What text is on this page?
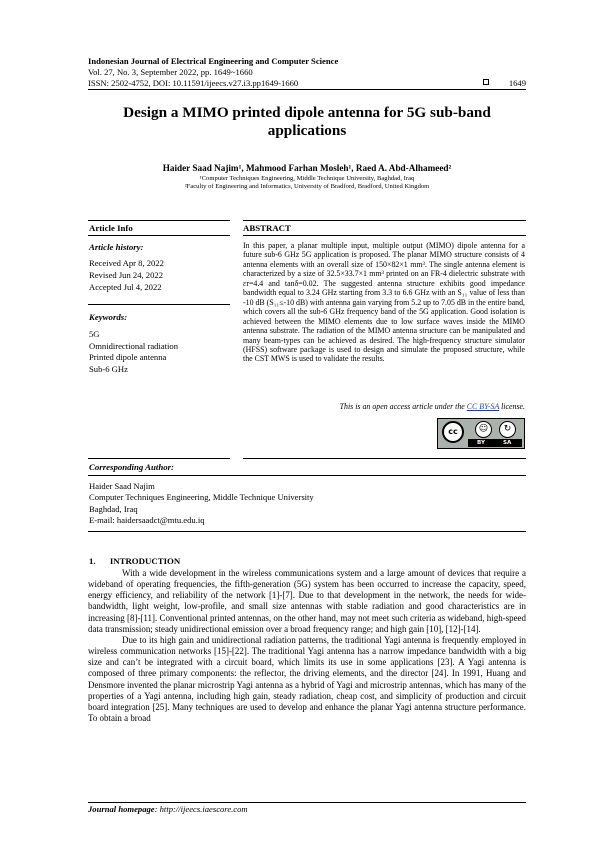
Indonesian Journal of Electrical Engineering and Computer Science
Vol. 27, No. 3, September 2022, pp. 1649~1660
ISSN: 2502-4752, DOI: 10.11591/ijeecs.v27.i3.pp1649-1660	1649
Design a MIMO printed dipole antenna for 5G sub-band
applications
Haider Saad Najim¹, Mahmood Farhan Mosleh¹, Raed A. Abd-Alhameed²
¹Computer Techniques Engineering, Middle Technique University, Baghdad, Iraq
²Faculty of Engineering and Informatics, University of Bradford, Bradford, United Kingdom
Article Info	ABSTRACT
Article history:
Received Apr 8, 2022
Revised Jun 24, 2022
Accepted Jul 4, 2022
Keywords:
5G
Omnidirectional radiation
Printed dipole antenna
Sub-6 GHz
In this paper, a planar multiple input, multiple output (MIMO) dipole antenna for a future sub-6 GHz 5G application is proposed. The planar MIMO structure consists of 4 antenna elements with an overall size of 150×82×1 mm³. The single antenna element is characterized by a size of 32.5×33.7×1 mm³ printed on an FR-4 dielectric substrate with εr=4.4 and tanδ=0.02. The suggested antenna structure exhibits good impedance bandwidth equal to 3.24 GHz starting from 3.3 to 6.6 GHz with an S₁₁ value of less than -10 dB (S₁₁≤-10 dB) with antenna gain varying from 5.2 up to 7.05 dB in the entire band, which covers all the sub-6 GHz frequency band of the 5G application. Good isolation is achieved between the MIMO elements due to low surface waves inside the MIMO antenna substrate. The radiation of the MIMO antenna structure can be manipulated and many beam-types can be achieved as desired. The high-frequency structure simulator (HFSS) software package is used to design and simulate the proposed structure, while the CST MWS is used to validate the results.
This is an open access article under the CC BY-SA license.
cc	☺	↻
BY	SA
Corresponding Author:
Haider Saad Najim
Computer Techniques Engineering, Middle Technique University
Baghdad, Iraq
E-mail: haidersaadct@mtu.edu.iq
1. INTRODUCTION

With a wide development in the wireless communications system and a large amount of devices that require a wideband of operating frequencies, the fifth-generation (5G) system has been occurred to increase the capacity, speed, energy efficiency, and reliability of the network [1]-[7]. Due to that development in the network, the needs for wide-bandwidth, light weight, low-profile, and small size antennas with stable radiation and good characteristics are in increasing [8]-[11]. Conventional printed antennas, on the other hand, may not meet such criteria as wideband, high-speed data transmission; steady unidirectional emission over a broad frequency range; and high gain [10], [12]-[14].

Due to its high gain and unidirectional radiation patterns, the traditional Yagi antenna is frequently employed in wireless communication networks [15]-[22]. The traditional Yagi antenna has a narrow impedance bandwidth with a big size and can’t be integrated with a circuit board, which limits its use in some applications [23]. A Yagi antenna is composed of three primary components: the reflector, the driving elements, and the director [24]. In 1991, Huang and Densmore invented the planar microstrip Yagi antenna as a hybrid of Yagi and microstrip antennas, which has many of the properties of a Yagi antenna, including high gain, steady radiation, cheap cost, and simplicity of production and circuit board integration [25]. Many techniques are used to develop and enhance the planar Yagi antenna structure performance. To obtain a broad

Journal homepage: http://ijeecs.iaescore.com
